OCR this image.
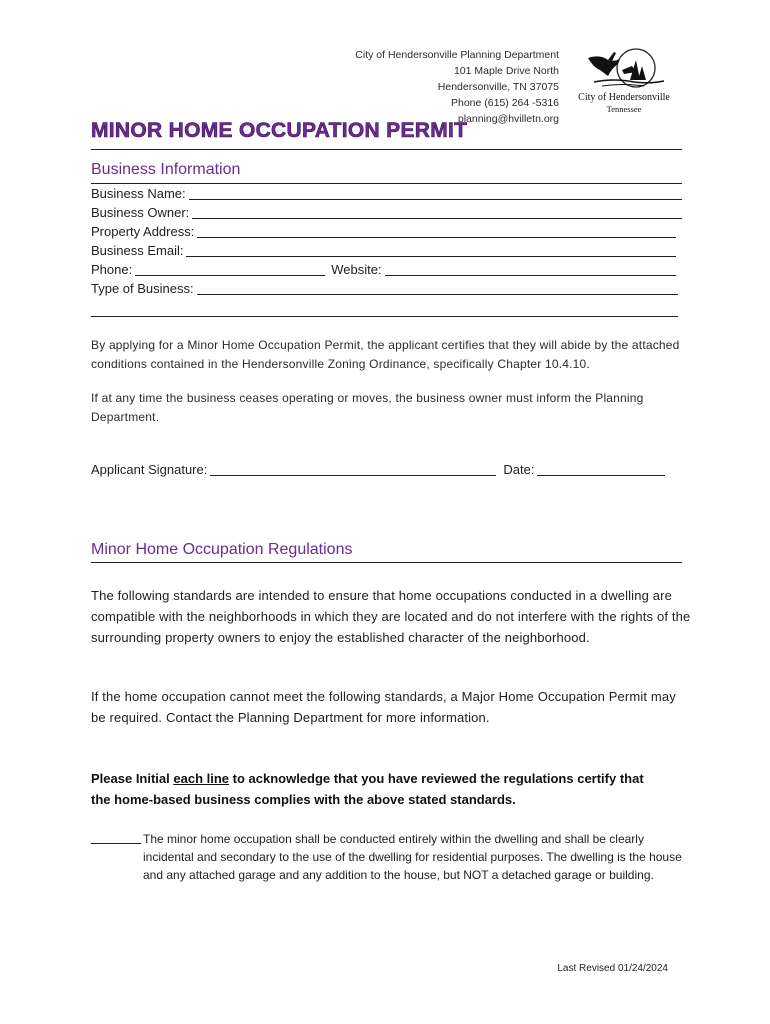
City of Hendersonville Planning Department
101 Maple Drive North
Hendersonville, TN 37075
Phone (615) 264 -5316
planning@hvilletn.org
City of Hendersonville
Tennessee
MINOR HOME OCCUPATION PERMIT
Business Information
Business Name:
Business Owner:
Property Address:
Business Email:
Phone:	Website:
Type of Business:
By applying for a Minor Home Occupation Permit, the applicant certifies that they will abide by the attached conditions contained in the Hendersonville Zoning Ordinance, specifically Chapter 10.4.10.
If at any time the business ceases operating or moves, the business owner must inform the Planning Department.
Applicant Signature:	Date:
Minor Home Occupation Regulations
The following standards are intended to ensure that home occupations conducted in a dwelling are compatible with the neighborhoods in which they are located and do not interfere with the rights of the surrounding property owners to enjoy the established character of the neighborhood.
If the home occupation cannot meet the following standards, a Major Home Occupation Permit may be required. Contact the Planning Department for more information.
Please Initial each line to acknowledge that you have reviewed the regulations certify that the home-based business complies with the above stated standards.
The minor home occupation shall be conducted entirely within the dwelling and shall be clearly incidental and secondary to the use of the dwelling for residential purposes. The dwelling is the house and any attached garage and any addition to the house, but NOT a detached garage or building.
Last Revised 01/24/2024
